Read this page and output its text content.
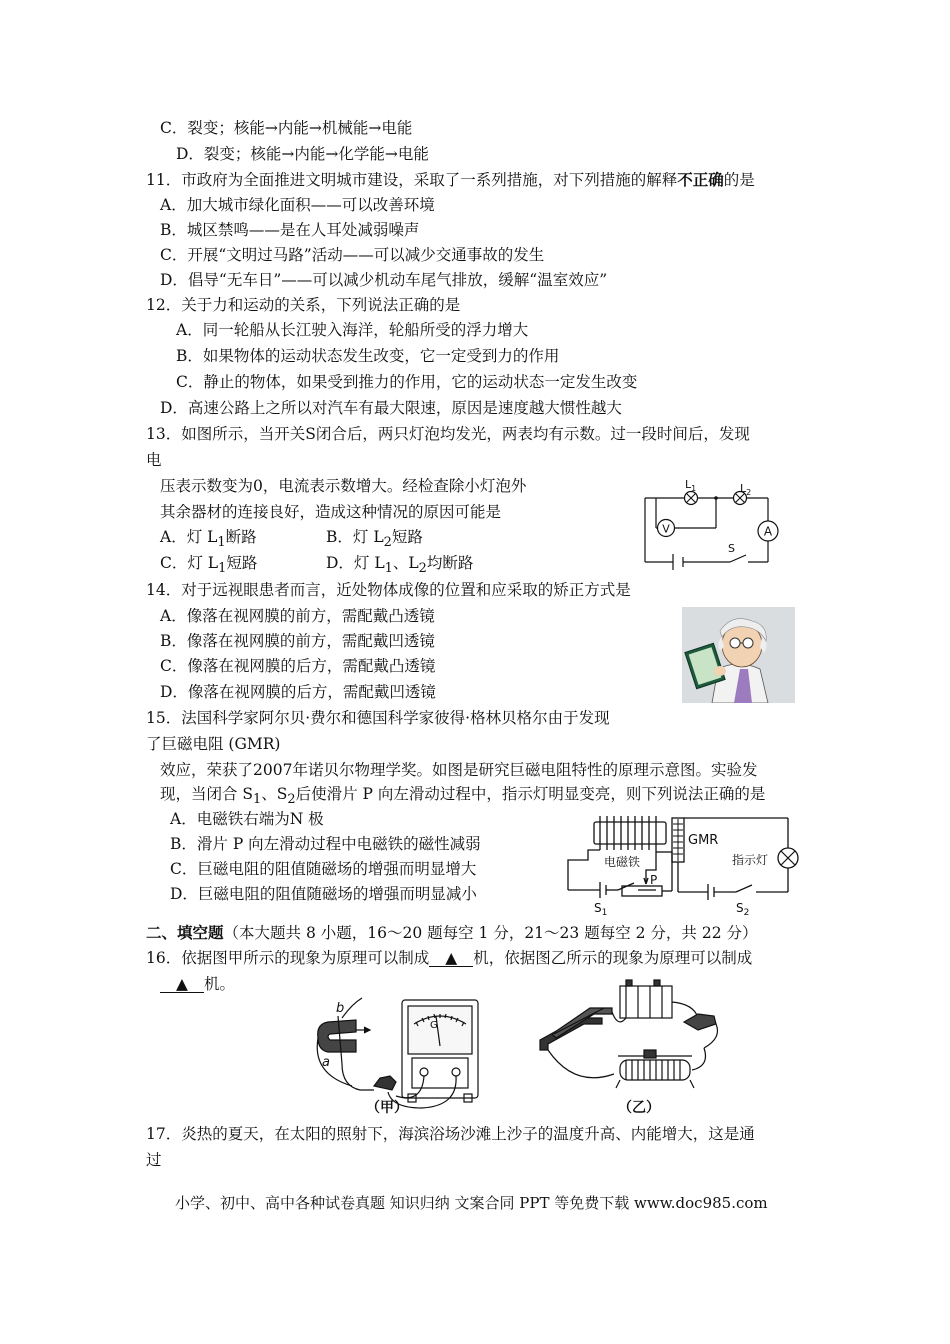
C．裂变；核能→内能→机械能→电能
D．裂变；核能→内能→化学能→电能
11．市政府为全面推进文明城市建设，采取了一系列措施，对下列措施的解释不正确的是
A．加大城市绿化面积——可以改善环境
B．城区禁鸣——是在人耳处减弱噪声
C．开展“文明过马路”活动——可以减少交通事故的发生
D．倡导“无车日”——可以减少机动车尾气排放，缓解“温室效应”
12．关于力和运动的关系，下列说法正确的是
A．同一轮船从长江驶入海洋，轮船所受的浮力增大
B．如果物体的运动状态发生改变，它一定受到力的作用
C．静止的物体，如果受到推力的作用，它的运动状态一定发生改变
D．高速公路上之所以对汽车有最大限速，原因是速度越大惯性越大
13．如图所示，当开关S闭合后，两只灯泡均发光，两表均有示数。过一段时间后，发现
电
压表示数变为0，电流表示数增大。经检查除小灯泡外
其余器材的连接良好，造成这种情况的原因可能是
A．灯 $L_1$断路	B．灯 $L_2$短路
C．灯 $L_1$短路	D．灯 $L_1$、$L_2$均断路
V	A
$L_1$	$L_2$
S
14．对于远视眼患者而言，近处物体成像的位置和应采取的矫正方式是
A．像落在视网膜的前方，需配戴凸透镜
B．像落在视网膜的前方，需配戴凹透镜
C．像落在视网膜的后方，需配戴凸透镜
D．像落在视网膜的后方，需配戴凹透镜
15．法国科学家阿尔贝·费尔和德国科学家彼得·格林贝格尔由于发现
了巨磁电阻 (GMR)
效应，荣获了2007年诺贝尔物理学奖。如图是研究巨磁电阻特性的原理示意图。实验发
现，当闭合 $S_1$、$S_2$后使滑片 P 向左滑动过程中，指示灯明显变亮，则下列说法正确的是
A．电磁铁右端为N 极
B．滑片 P 向左滑动过程中电磁铁的磁性减弱
C．巨磁电阻的阻值随磁场的增强而明显增大
D．巨磁电阻的阻值随磁场的增强而明显减小
GMR
电磁铁	指示灯
P
$S_1$	$S_2$
二、填空题（本大题共 8 小题，16～20 题每空 1 分，21～23 题每空 2 分，共 22 分）
16．依据图甲所示的现象为原理可以制成 ▲ 机，依据图乙所示的现象为原理可以制成
▲ 机。
G
b
a
（甲）	（乙）
17．炎热的夏天，在太阳的照射下，海滨浴场沙滩上沙子的温度升高、内能增大，这是通
过
小学、初中、高中各种试卷真题 知识归纳 文案合同 PPT 等免费下载 www.doc985.com
